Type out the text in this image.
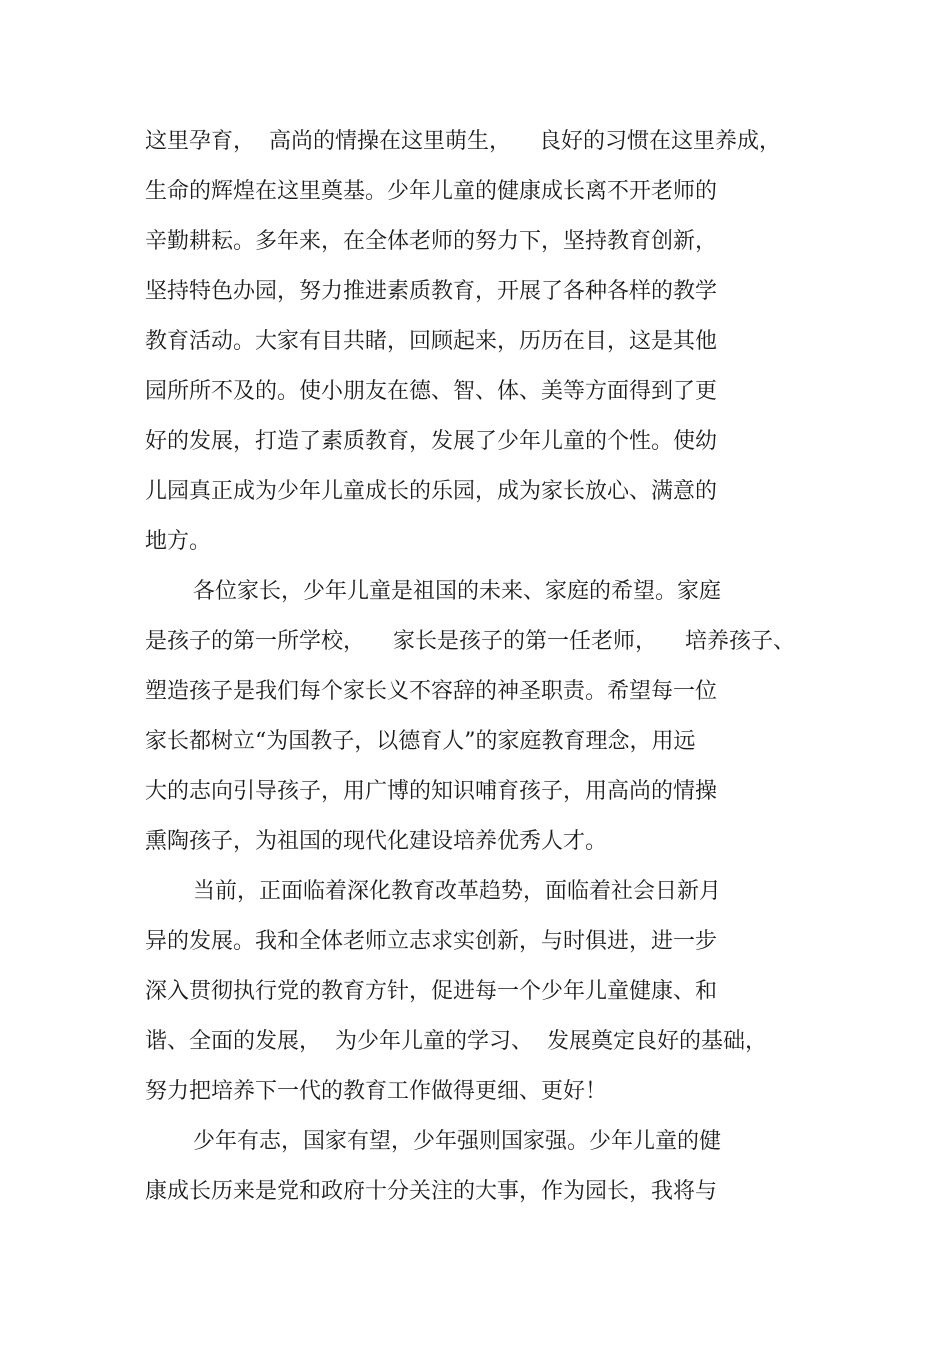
这里孕育，  高尚的情操在这里萌生，    良好的习惯在这里养成，

生命的辉煌在这里奠基。少年儿童的健康成长离不开老师的

辛勤耕耘。多年来，在全体老师的努力下，坚持教育创新，

坚持特色办园，努力推进素质教育，开展了各种各样的教学

教育活动。大家有目共睹，回顾起来，历历在目，这是其他

园所所不及的。使小朋友在德、智、体、美等方面得到了更

好的发展，打造了素质教育，发展了少年儿童的个性。使幼

儿园真正成为少年儿童成长的乐园，成为家长放心、满意的

地方。

各位家长，少年儿童是祖国的未来、家庭的希望。家庭

是孩子的第一所学校，    家长是孩子的第一任老师，    培养孩子、

塑造孩子是我们每个家长义不容辞的神圣职责。希望每一位

家长都树立“为国教子，以德育人”的家庭教育理念，用远

大的志向引导孩子，用广博的知识哺育孩子，用高尚的情操

熏陶孩子，为祖国的现代化建设培养优秀人才。

当前，正面临着深化教育改革趋势，面临着社会日新月

异的发展。我和全体老师立志求实创新，与时俱进，进一步

深入贯彻执行党的教育方针，促进每一个少年儿童健康、和

谐、全面的发展，  为少年儿童的学习、  发展奠定良好的基础，

努力把培养下一代的教育工作做得更细、更好！

少年有志，国家有望，少年强则国家强。少年儿童的健

康成长历来是党和政府十分关注的大事，作为园长，我将与
